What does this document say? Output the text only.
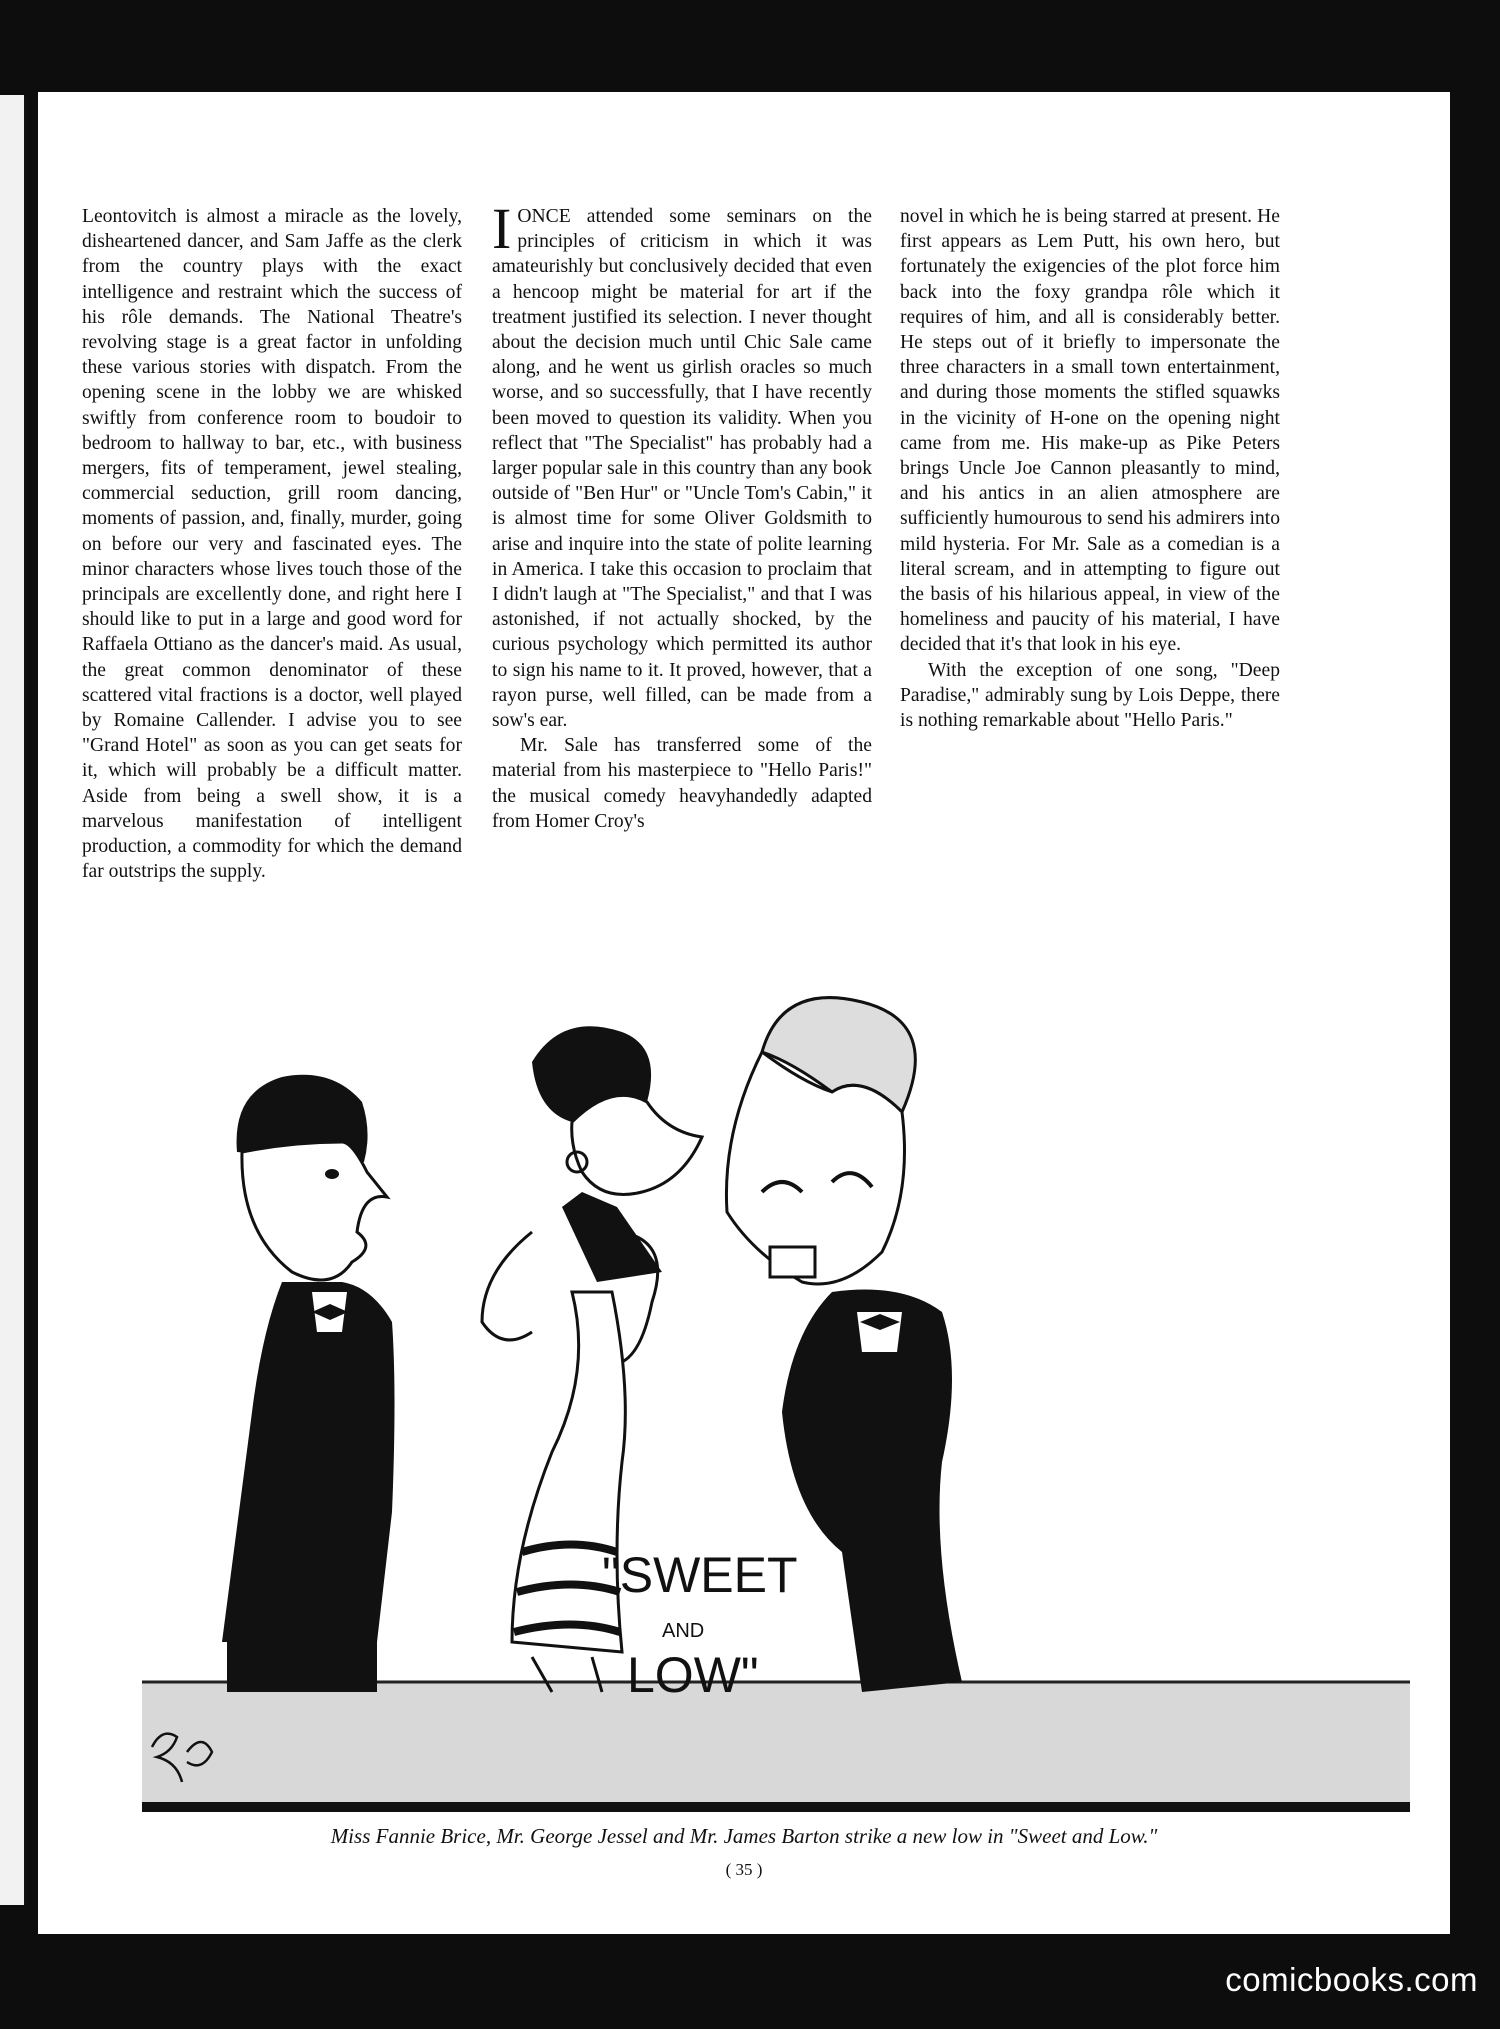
Leontovitch is almost a miracle as the lovely, disheartened dancer, and Sam Jaffe as the clerk from the country plays with the exact intelligence and restraint which the success of his rôle demands. The National Theatre's revolving stage is a great factor in unfolding these various stories with dispatch. From the opening scene in the lobby we are whisked swiftly from conference room to boudoir to bedroom to hallway to bar, etc., with business mergers, fits of temperament, jewel stealing, commercial seduction, grill room dancing, moments of passion, and, finally, murder, going on before our very and fascinated eyes. The minor characters whose lives touch those of the principals are excellently done, and right here I should like to put in a large and good word for Raffaela Ottiano as the dancer's maid. As usual, the great common denominator of these scattered vital fractions is a doctor, well played by Romaine Callender. I advise you to see "Grand Hotel" as soon as you can get seats for it, which will probably be a difficult matter. Aside from being a swell show, it is a marvelous manifestation of intelligent production, a commodity for which the demand far outstrips the supply.

IONCE attended some seminars on the principles of criticism in which it was amateurishly but conclusively decided that even a hencoop might be material for art if the treatment justified its selection. I never thought about the decision much until Chic Sale came along, and he went us girlish oracles so much worse, and so successfully, that I have recently been moved to question its validity. When you reflect that "The Specialist" has probably had a larger popular sale in this country than any book outside of "Ben Hur" or "Uncle Tom's Cabin," it is almost time for some Oliver Goldsmith to arise and inquire into the state of polite learning in America. I take this occasion to proclaim that I didn't laugh at "The Specialist," and that I was astonished, if not actually shocked, by the curious psychology which permitted its author to sign his name to it. It proved, however, that a rayon purse, well filled, can be made from a sow's ear.

Mr. Sale has transferred some of the material from his masterpiece to "Hello Paris!" the musical comedy heavyhandedly adapted from Homer Croy's

novel in which he is being starred at present. He first appears as Lem Putt, his own hero, but fortunately the exigencies of the plot force him back into the foxy grandpa rôle which it requires of him, and all is considerably better. He steps out of it briefly to impersonate the three characters in a small town entertainment, and during those moments the stifled squawks in the vicinity of H-one on the opening night came from me. His make-up as Pike Peters brings Uncle Joe Cannon pleasantly to mind, and his antics in an alien atmosphere are sufficiently humourous to send his admirers into mild hysteria. For Mr. Sale as a comedian is a literal scream, and in attempting to figure out the basis of his hilarious appeal, in view of the homeliness and paucity of his material, I have decided that it's that look in his eye.

With the exception of one song, "Deep Paradise," admirably sung by Lois Deppe, there is nothing remarkable about "Hello Paris."

"SWEET
AND
LOW"
Miss Fannie Brice, Mr. George Jessel and Mr. James Barton strike a new low in "Sweet and Low."
( 35 )
comicbooks.com
